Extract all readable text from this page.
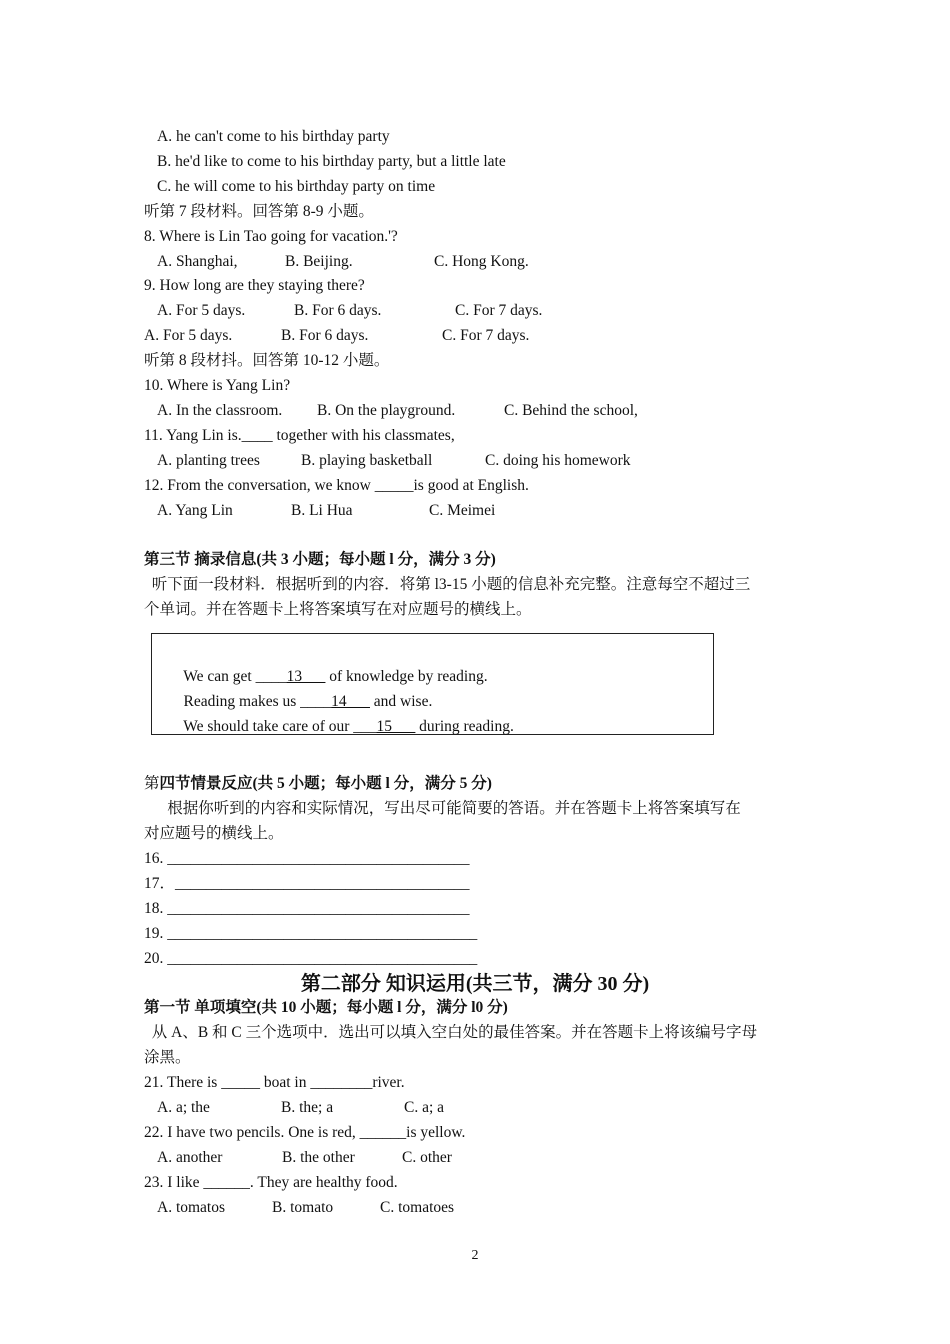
A. he can't come to his birthday party
B. he'd like to come to his birthday party, but a little late
C. he will come to his birthday party on time
听第 7 段材料。回答第 8-9 小题。
8. Where is Lin Tao going for vacation.'?
A. Shanghai,	B. Beijing.	C. Hong Kong.
9. How long are they staying there?
A. For 5 days.	B. For 6 days.	C. For 7 days.
A. For 5 days.	B. For 6 days.	C. For 7 days.
听第 8 段材抖。回答第 10-12 小题。
10. Where is Yang Lin?
A. In the classroom. B. On the playground.	C. Behind the school,
11. Yang Lin is.____ together with his classmates,
A. planting trees	B. playing basketball	C. doing his homework
12. From the conversation, we know _____is good at English.
A. Yang Lin	B. Li Hua	C. Meimei
第三节 摘录信息(共 3 小题；每小题 l 分，满分 3 分)
听下面一段材料．根据听到的内容．将第 l3-15 小题的信息补充完整。注意每空不超过三
个单词。并在答题卡上将答案填写在对应题号的横线上。

We can get ____13___ of knowledge by reading.

Reading makes us ____14___ and wise.

We should take care of our ___15___ during reading.

第四节情景反应(共 5 小题；每小题 l 分，满分 5 分)
根据你听到的内容和实际情况，写出尽可能简要的答语。并在答题卡上将答案填写在
对应题号的横线上。
16. _______________________________________
17．______________________________________
18. _______________________________________
19. ________________________________________
20. ________________________________________
第二部分 知识运用(共三节，满分 30 分)
第一节 单项填空(共 10 小题；每小题 l 分，满分 l0 分)
从 A、B 和 C 三个选项中．选出可以填入空白处的最佳答案。并在答题卡上将该编号字母
涂黑。
21. There is _____ boat in ________river.
A. a; the	B. the; a	C. a; a
22. I have two pencils. One is red, ______is yellow.
A. another	B. the other	C. other
23. I like ______. They are healthy food.
A. tomatos	B. tomato	C. tomatoes
2
